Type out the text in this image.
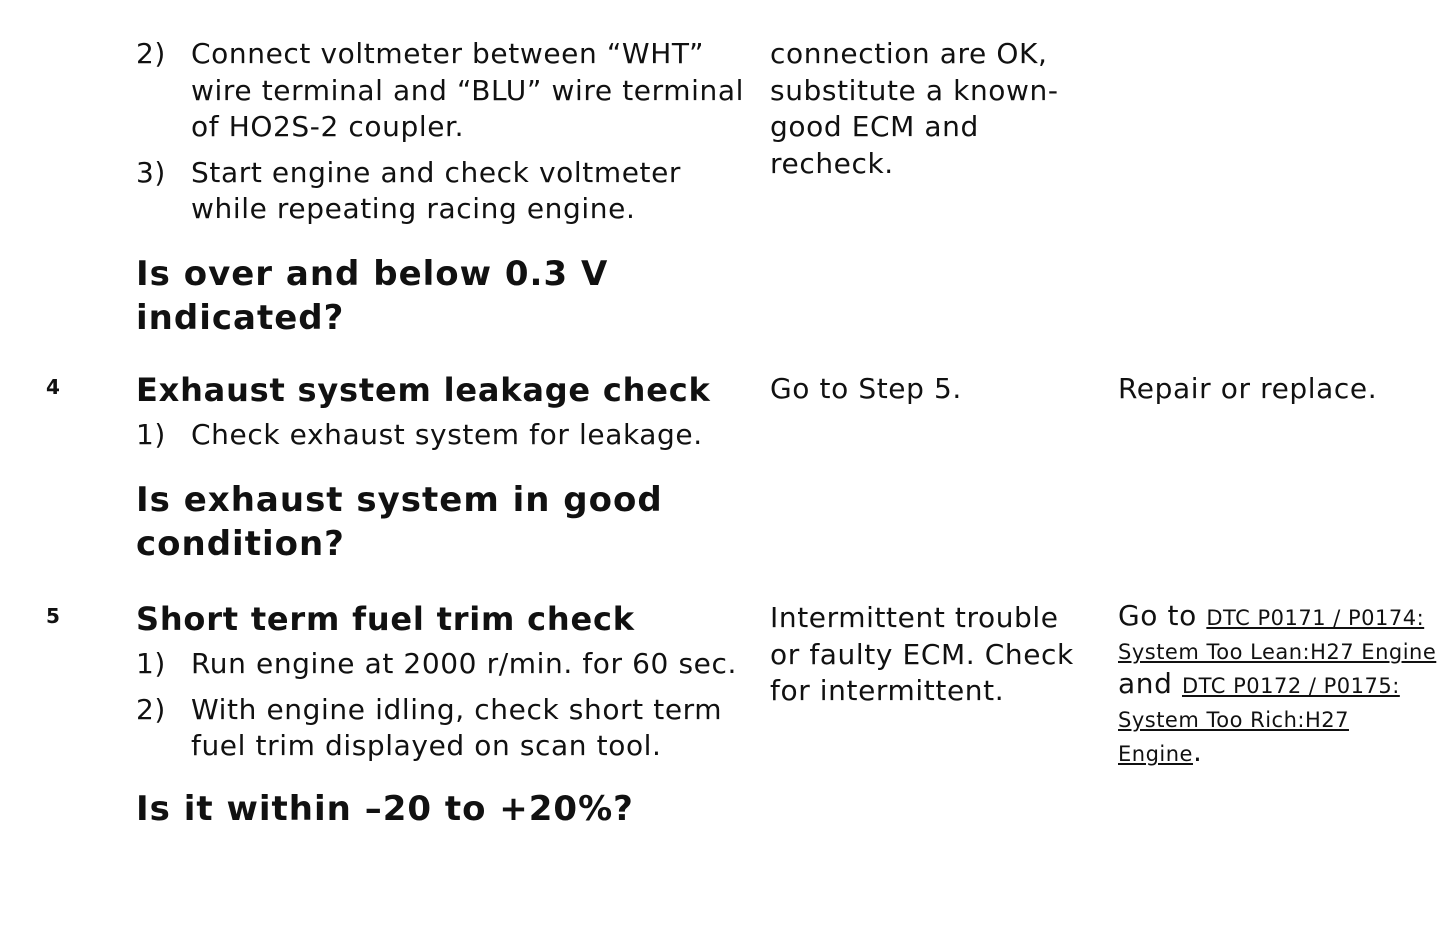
2) Connect voltmeter between “WHT” wire terminal and “BLU” wire terminal of HO2S-2 coupler.
3) Start engine and check voltmeter while repeating racing engine.

Is over and below 0.3 V indicated?

connection are OK, substitute a known-good ECM and recheck.
4 Exhaust system leakage check

1) Check exhaust system for leakage.

Is exhaust system in good condition?

Go to Step 5.	Repair or replace.
5 Short term fuel trim check

1) Run engine at 2000 r/min. for 60 sec.
2) With engine idling, check short term fuel trim displayed on scan tool.

Is it within –20 to +20%?

Intermittent trouble or faulty ECM. Check for intermittent.
Go to DTC P0171 / P0174: System Too Lean:H27 Engine and DTC P0172 / P0175: System Too Rich:H27 Engine.
